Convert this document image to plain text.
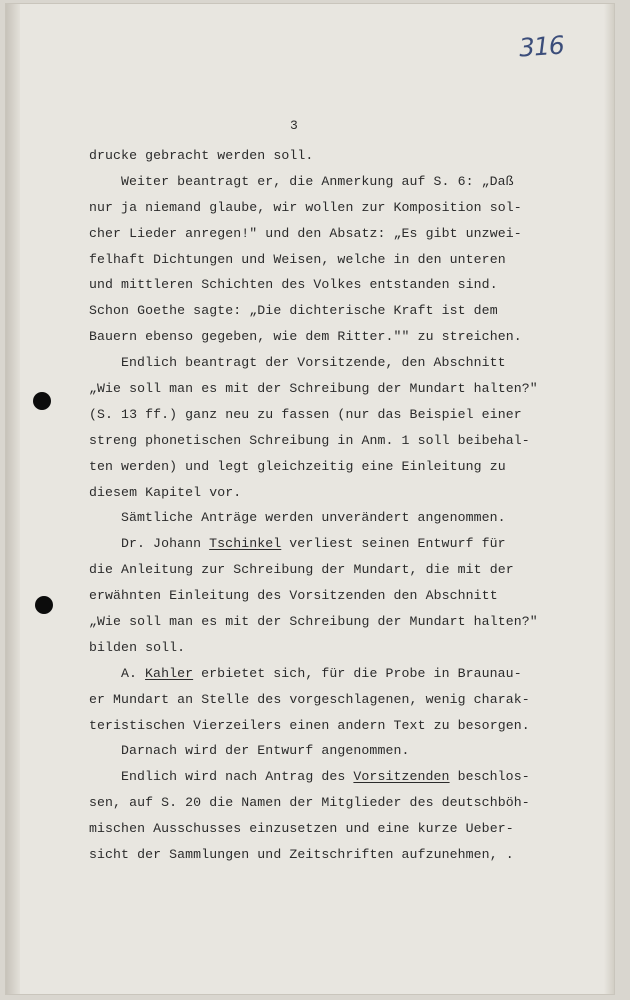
316
3
drucke gebracht werden soll.
Weiter beantragt er, die Anmerkung auf S. 6: „Daß
nur ja niemand glaube, wir wollen zur Komposition sol-
cher Lieder anregen!" und den Absatz: „Es gibt unzwei-
felhaft Dichtungen und Weisen, welche in den unteren
und mittleren Schichten des Volkes entstanden sind.
Schon Goethe sagte: „Die dichterische Kraft ist dem
Bauern ebenso gegeben, wie dem Ritter."" zu streichen.
Endlich beantragt der Vorsitzende, den Abschnitt
„Wie soll man es mit der Schreibung der Mundart halten?"
(S. 13 ff.) ganz neu zu fassen (nur das Beispiel einer
streng phonetischen Schreibung in Anm. 1 soll beibehal-
ten werden) und legt gleichzeitig eine Einleitung zu
diesem Kapitel vor.
Sämtliche Anträge werden unverändert angenommen.
Dr. Johann Tschinkel verliest seinen Entwurf für
die Anleitung zur Schreibung der Mundart, die mit der
erwähnten Einleitung des Vorsitzenden den Abschnitt
„Wie soll man es mit der Schreibung der Mundart halten?"
bilden soll.
A. Kahler erbietet sich, für die Probe in Braunau-
er Mundart an Stelle des vorgeschlagenen, wenig charak-
teristischen Vierzeilers einen andern Text zu besorgen.
Darnach wird der Entwurf angenommen.
Endlich wird nach Antrag des Vorsitzenden beschlos-
sen, auf S. 20 die Namen der Mitglieder des deutschböh-
mischen Ausschusses einzusetzen und eine kurze Ueber-
sicht der Sammlungen und Zeitschriften aufzunehmen, .
